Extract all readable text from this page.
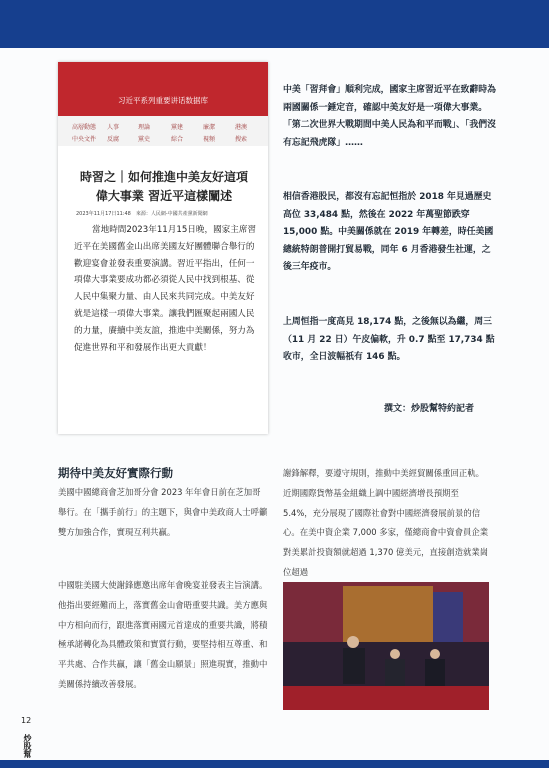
习近平系列重要讲话数据库
高層動態 人事	理論	黨建	廉潔	港澳
中央文件 反腐	黨史	綜合	視頻	搜索
時習之｜如何推進中美友好這項
偉大事業 習近平這樣闡述
2023年11月17日11:48　來源：人民網-中國共產黨新聞網

當地時間2023年11月15日晚，國家主席習近平在美國舊金山出席美國友好團體聯合舉行的歡迎宴會並發表重要演講。習近平指出，任何一項偉大事業要成功都必須從人民中找到根基、從人民中集聚力量、由人民來共同完成。中美友好就是這樣一項偉大事業。讓我們匯聚起兩國人民的力量，賡續中美友誼，推進中美關係，努力為促進世界和平和發展作出更大貢獻！

中美「習拜會」順利完成，國家主席習近平在致辭時為兩國關係一錘定音，確認中美友好是一項偉大事業。「第二次世界大戰期間中美人民為和平而戰」、「我們沒有忘記飛虎隊」……

相信香港股民，都沒有忘記恒指於 2018 年見過歷史高位 33,484 點，然後在 2022 年萬聖節跌穿 15,000 點。中美關係就在 2019 年轉差，時任美國總統特朗普開打貿易戰，同年 6 月香港發生社運，之後三年疫市。

上周恒指一度高見 18,174 點，之後無以為繼，周三（11 月 22 日）午皮偏軟，升 0.7 點至 17,734 點收市，全日波幅祇有 146 點。

撰文：炒股幫特約記者
期待中美友好實際行動

美國中國總商會芝加哥分會 2023 年年會日前在芝加哥舉行。在「攜手前行」的主題下，與會中美政商人士呼籲雙方加強合作，實現互利共贏。

中國駐美國大使謝鋒應邀出席年會晚宴並發表主旨演講。他指出要經難而上，落實舊金山會晤重要共識。美方應與中方相向而行，跟進落實兩國元首達成的重要共識，將積極承諾轉化為具體政策和實質行動，要堅持相互尊重、和平共處、合作共贏，讓「舊金山願景」照進現實，推動中美關係持續改善發展。

謝鋒解釋，要遵守規則，推動中美經貿關係重回正軌。近期國際貨幣基金組織上調中國經濟增長預期至 5.4%，充分展現了國際社會對中國經濟發展前景的信心。在美中資企業 7,000 多家，僅總商會中資會員企業對美累計投資額就超過 1,370 億美元，直接創造就業崗位超過

12
炒股幫
